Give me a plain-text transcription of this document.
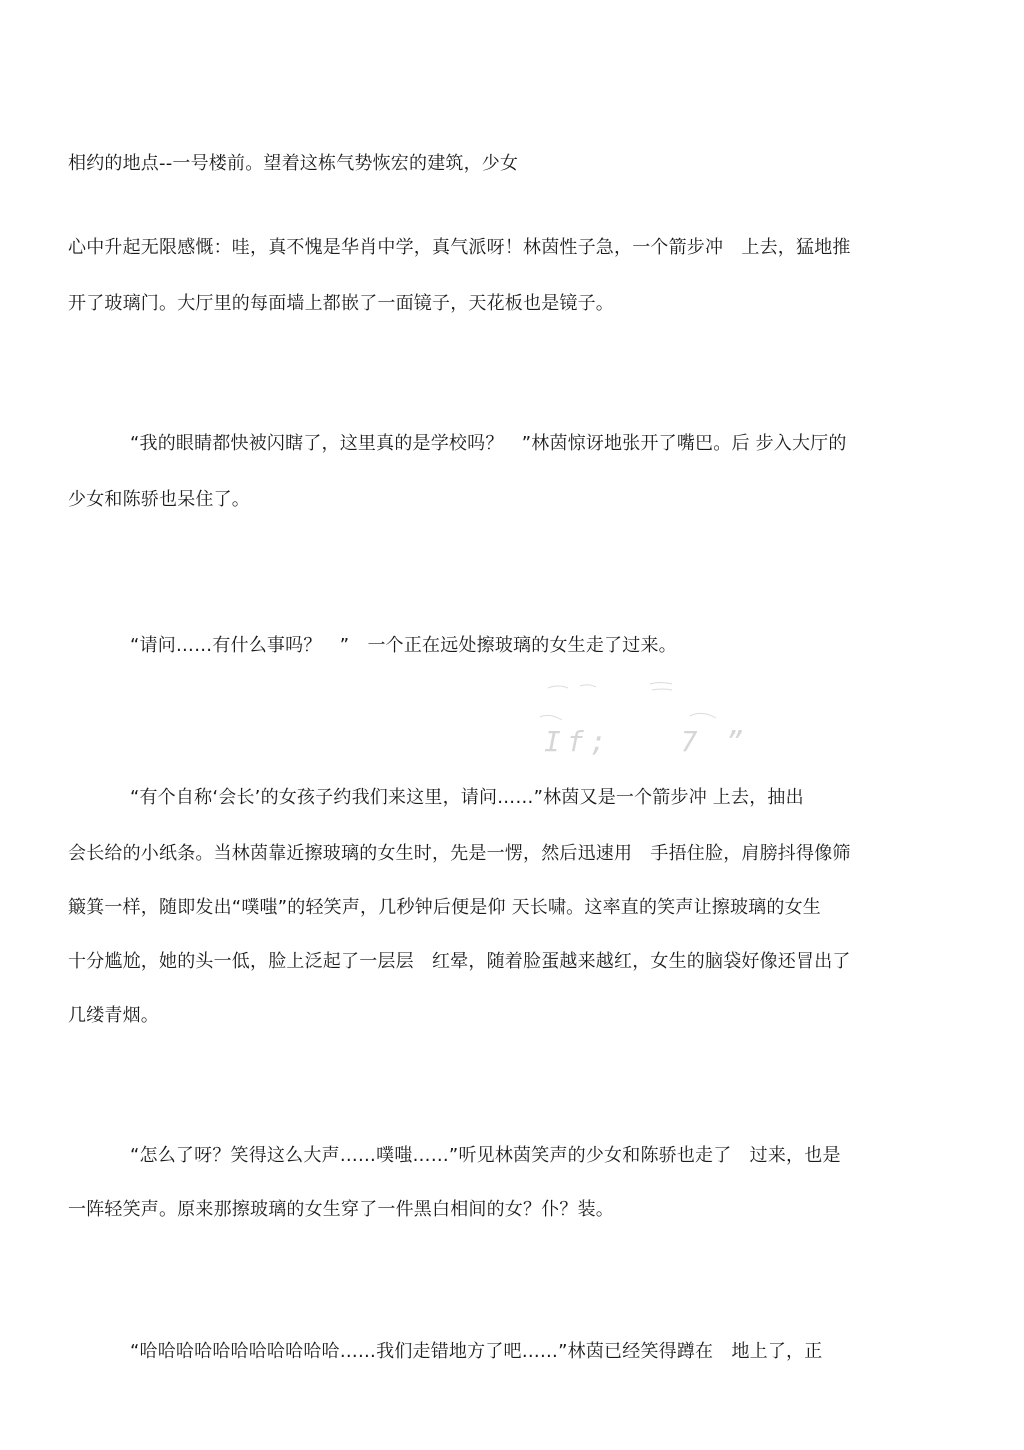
相约的地点--一号楼前。望着这栋气势恢宏的建筑，少女
心中升起无限感慨：哇，真不愧是华肖中学，真气派呀！林茵性子急，一个箭步冲　上去，猛地推
开了玻璃门。大厅里的每面墙上都嵌了一面镜子，天花板也是镜子。
“我的眼睛都快被闪瞎了，这里真的是学校吗？　”林茵惊讶地张开了嘴巴。后 步入大厅的
少女和陈骄也呆住了。
“请问……有什么事吗？　”　一个正在远处擦玻璃的女生走了过来。
If;　　7 ”
“有个自称‘会长’的女孩子约我们来这里，请问……”林茵又是一个箭步冲 上去，抽出
会长给的小纸条。当林茵靠近擦玻璃的女生时，先是一愣，然后迅速用　手捂住脸，肩膀抖得像筛
簸箕一样，随即发出“噗嗤”的轻笑声，几秒钟后便是仰 天长啸。这率直的笑声让擦玻璃的女生
十分尴尬，她的头一低，脸上泛起了一层层　红晕，随着脸蛋越来越红，女生的脑袋好像还冒出了
几缕青烟。
“怎么了呀？笑得这么大声……噗嗤……”听见林茵笑声的少女和陈骄也走了　过来，也是
一阵轻笑声。原来那擦玻璃的女生穿了一件黑白相间的女？仆？装。
“哈哈哈哈哈哈哈哈哈哈哈……我们走错地方了吧……”林茵已经笑得蹲在　地上了，正
